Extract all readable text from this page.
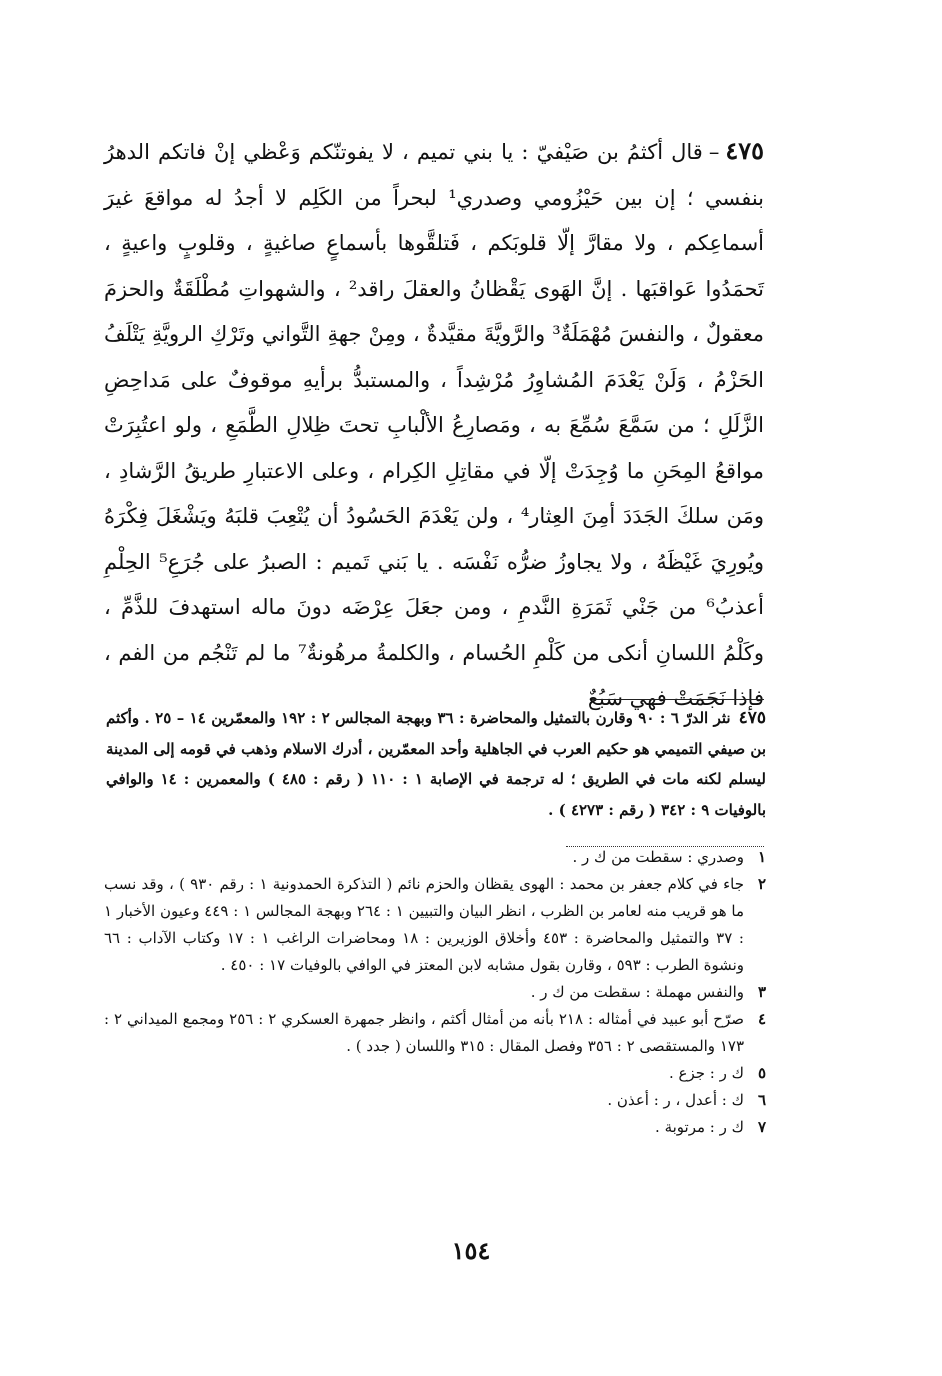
٤٧٥–قال أكثمُ بن صَيْفيّ : يا بني تميم ، لا يفوتنّكم وَعْظي إنْ فاتكم الدهرُ بنفسي ؛ إن بين حَيْزُومي وصدري¹ لبحراً من الكَلِم لا أجدُ له مواقعَ غيرَ أسماعِكم ، ولا مقارَّ إلّا قلوبَكم ، فَتلقَّوها بأسماعٍ صاغيةٍ ، وقلوبٍ واعيةٍ ، تَحمَدُوا عَواقبَها . إنَّ الهَوى يَقْظانُ والعقلَ راقد² ، والشهواتِ مُطْلَقَةٌ والحزمَ معقولٌ ، والنفسَ مُهْمَلَةٌ³ والرَّويَّةَ مقيَّدةٌ ، ومِنْ جهةِ التَّواني وتَرْكِ الرويَّةِ يَتْلَفُ الحَزْمُ ، وَلَنْ يَعْدَمَ المُشاوِرُ مُرْشِداً ، والمستبدُّ برأيهِ موقوفٌ على مَداحِضِ الزَّلَلِ ؛ من سَمَّعَ سُمِّعَ به ، ومَصارِعُ الألْبابِ تحتَ ظِلالِ الطَّمَعِ ، ولو اعتُبِرَتْ مواقعُ المِحَنِ ما وُجِدَتْ إلّا في مقاتِلِ الكِرام ، وعلى الاعتبارِ طريقُ الرَّشادِ ، ومَن سلكَ الجَدَدَ أمِنَ العِثار⁴ ، ولن يَعْدَمَ الحَسُودُ أن يُتْعِبَ قلبَهُ ويَشْغَلَ فِكْرَهُ ويُورِيَ غَيْظَهُ ، ولا يجاوزُ ضرُّه نَفْسَه . يا بَني تَميم : الصبرُ على جُرَعِ⁵ الحِلْمِ أعذبُ⁶ من جَنْي ثَمَرَةِ النَّدمِ ، ومن جعَلَ عِرْضَه دونَ ماله استهدفَ للذَّمِّ ، وكَلْمُ اللسانِ أنكى من كَلْمِ الحُسام ، والكلمةُ مرهُونةٌ⁷ ما لم تَنْجُم من الفم ، فإذا نَجَمَتْ فهي سَبُعٌ
٤٧٥نثر الدرّ ٦ : ٩٠ وقارن بالتمثيل والمحاضرة : ٣٦ وبهجة المجالس ٢ : ١٩٢ والمعمّرين ١٤ – ٢٥ . وأكثم بن صيفي التميمي هو حكيم العرب في الجاهلية وأحد المعمّرين ، أدرك الاسلام وذهب في قومه إلى المدينة ليسلم لكنه مات في الطريق ؛ له ترجمة في الإصابة ١ : ١١٠ ( رقم : ٤٨٥ ) والمعمرين : ١٤ والوافي بالوفيات ٩ : ٣٤٢ ( رقم : ٤٢٧٣ ) .
١
وصدري : سقطت من ك ر .
٢
جاء في كلام جعفر بن محمد : الهوى يقظان والحزم نائم ( التذكرة الحمدونية ١ : رقم ٩٣٠ ) ، وقد نسب ما هو قريب منه لعامر بن الظرب ، انظر البيان والتبيين ١ : ٢٦٤ وبهجة المجالس ١ : ٤٤٩ وعيون الأخبار ١ : ٣٧ والتمثيل والمحاضرة : ٤٥٣ وأخلاق الوزيرين : ١٨ ومحاضرات الراغب ١ : ١٧ وكتاب الآداب : ٦٦ ونشوة الطرب : ٥٩٣ ، وقارن بقول مشابه لابن المعتز في الوافي بالوفيات ١٧ : ٤٥٠ .
٣
والنفس مهملة : سقطت من ك ر .
٤
صرّح أبو عبيد في أمثاله : ٢١٨ بأنه من أمثال أكثم ، وانظر جمهرة العسكري ٢ : ٢٥٦ ومجمع الميداني ٢ : ١٧٣ والمستقصى ٢ : ٣٥٦ وفصل المقال : ٣١٥ واللسان ( جدد ) .
٥
ك ر : جزع .
٦
ك : أعدل ، ر : أعذن .
٧
ك ر : مرتوبة .
١٥٤
